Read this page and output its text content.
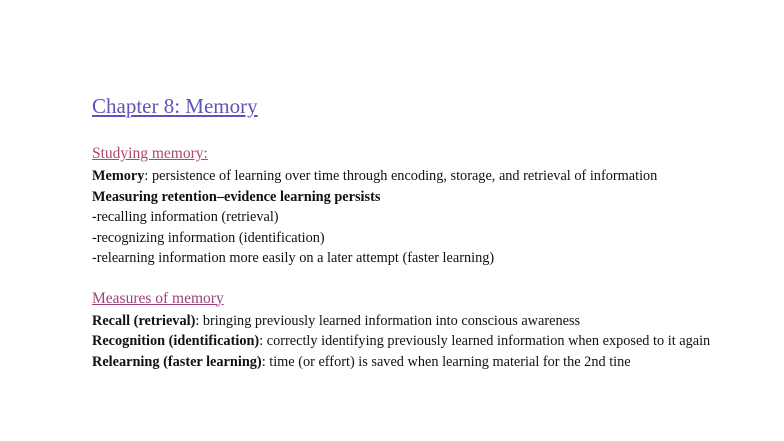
Chapter 8: Memory

Studying memory:

Memory: persistence of learning over time through encoding, storage, and retrieval of information

Measuring retention–evidence learning persists

-recalling information (retrieval)

-recognizing information (identification)

-relearning information more easily on a later attempt (faster learning)

Measures of memory

Recall (retrieval): bringing previously learned information into conscious awareness

Recognition (identification): correctly identifying previously learned information when exposed to it again

Relearning (faster learning): time (or effort) is saved when learning material for the 2nd tine
